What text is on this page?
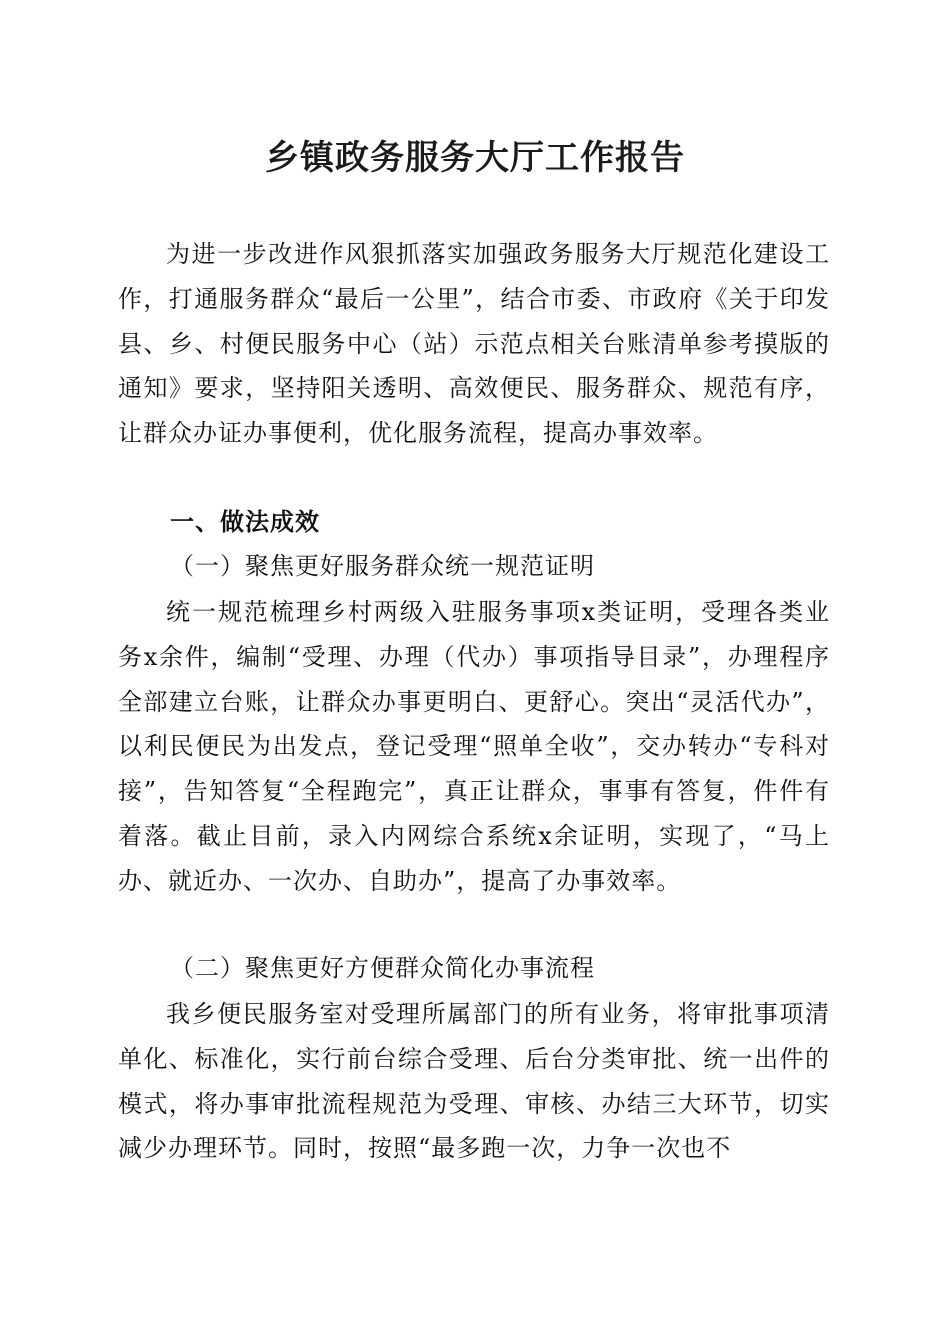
乡镇政务服务大厅工作报告

为进一步改进作风狠抓落实加强政务服务大厅规范化建设工作，打通服务群众“最后一公里”，结合市委、市政府《关于印发县、乡、村便民服务中心（站）示范点相关台账清单参考摸版的通知》要求，坚持阳关透明、高效便民、服务群众、规范有序，让群众办证办事便利，优化服务流程，提高办事效率。

一、做法成效
（一）聚焦更好服务群众统一规范证明

统一规范梳理乡村两级入驻服务事项x类证明，受理各类业务x余件，编制“受理、办理（代办）事项指导目录”，办理程序全部建立台账，让群众办事更明白、更舒心。突出“灵活代办”，以利民便民为出发点，登记受理“照单全收”，交办转办“专科对接”，告知答复“全程跑完”，真正让群众，事事有答复，件件有着落。截止目前，录入内网综合系统x余证明，实现了，“马上办、就近办、一次办、自助办”，提高了办事效率。

（二）聚焦更好方便群众简化办事流程

我乡便民服务室对受理所属部门的所有业务，将审批事项清单化、标准化，实行前台综合受理、后台分类审批、统一出件的模式，将办事审批流程规范为受理、审核、办结三大环节，切实减少办理环节。同时，按照“最多跑一次，力争一次也不
